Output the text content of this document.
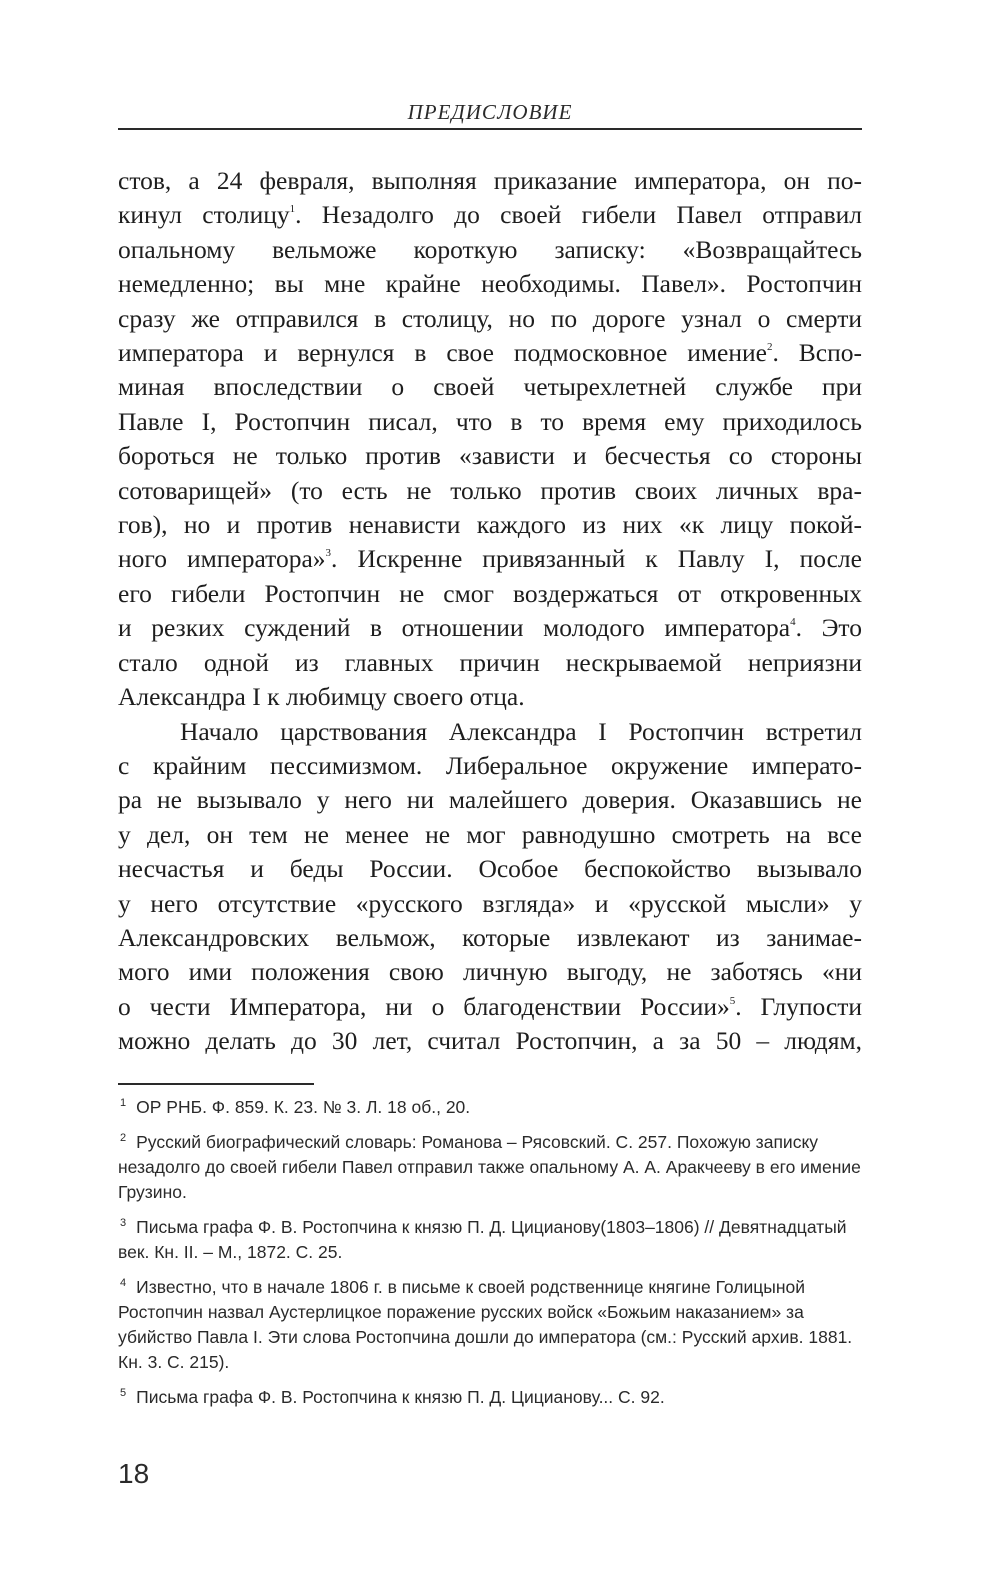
ПРЕДИСЛОВИЕ

стов, а 24 февраля, выполняя приказание императора, он по-
кинул столицу$^1$. Незадолго до своей гибели Павел отправил
опальному вельможе короткую записку: «Возвращайтесь
немедленно; вы мне крайне необходимы. Павел». Ростопчин
сразу же отправился в столицу, но по дороге узнал о смерти
императора и вернулся в свое подмосковное имение$^2$. Вспо-
миная впоследствии о своей четырехлетней службе при
Павле I, Ростопчин писал, что в то время ему приходилось
бороться не только против «зависти и бесчестья со стороны
сотоварищей» (то есть не только против своих личных вра-
гов), но и против ненависти каждого из них «к лицу покой-
ного императора»$^3$. Искренне привязанный к Павлу I, после
его гибели Ростопчин не смог воздержаться от откровенных
и резких суждений в отношении молодого императора$^4$. Это
стало одной из главных причин нескрываемой неприязни
Александра I к любимцу своего отца.

Начало царствования Александра I Ростопчин встретил
с крайним пессимизмом. Либеральное окружение императо-
ра не вызывало у него ни малейшего доверия. Оказавшись не
у дел, он тем не менее не мог равнодушно смотреть на все
несчастья и беды России. Особое беспокойство вызывало
у него отсутствие «русского взгляда» и «русской мысли» у
Александровских вельмож, которые извлекают из занимае-
мого ими положения свою личную выгоду, не заботясь «ни
о чести Императора, ни о благоденствии России»$^5$. Глупости
можно делать до 30 лет, считал Ростопчин, а за 50 – людям,

$^1$ ОР РНБ. Ф. 859. К. 23. № 3. Л. 18 об., 20.

$^2$ Русский биографический словарь: Романова – Рясовский. С. 257. Похожую записку незадолго до своей гибели Павел отправил также опальному А. А. Аракчееву в его имение Грузино.

$^3$ Письма графа Ф. В. Ростопчина к князю П. Д. Цицианову(1803–1806) // Девятнадцатый век. Кн. II. – М., 1872. С. 25.

$^4$ Известно, что в начале 1806 г. в письме к своей родственнице княгине Голицыной Ростопчин назвал Аустерлицкое поражение русских войск «Божьим наказанием» за убийство Павла I. Эти слова Ростопчина дошли до императора (см.: Русский архив. 1881. Кн. 3. С. 215).

$^5$ Письма графа Ф. В. Ростопчина к князю П. Д. Цицианову... С. 92.

18
